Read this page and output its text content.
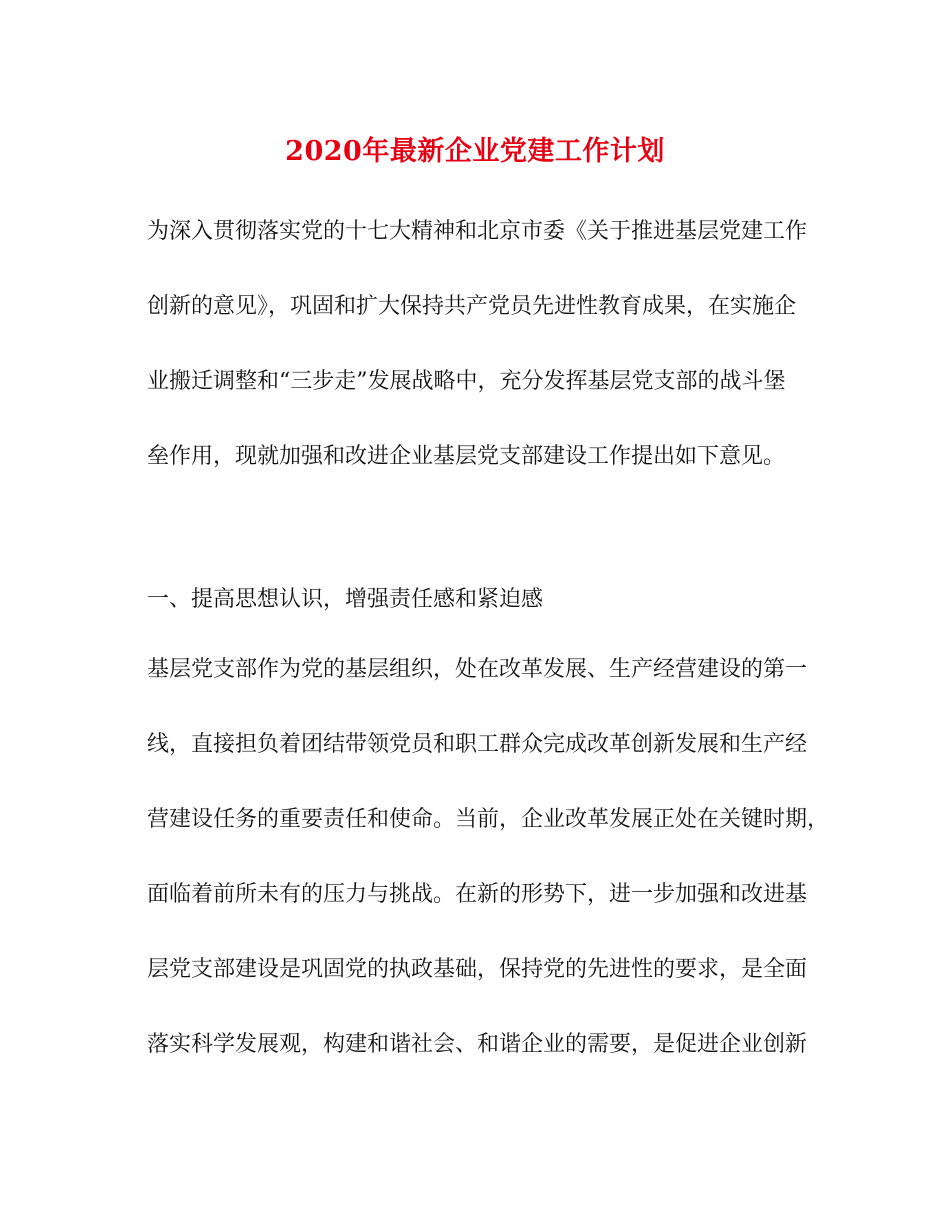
2020年最新企业党建工作计划
为深入贯彻落实党的十七大精神和北京市委《关于推进基层党建工作
创新的意见》，巩固和扩大保持共产党员先进性教育成果，在实施企
业搬迁调整和“三步走”发展战略中，充分发挥基层党支部的战斗堡
垒作用，现就加强和改进企业基层党支部建设工作提出如下意见。
一、提高思想认识，增强责任感和紧迫感
基层党支部作为党的基层组织，处在改革发展、生产经营建设的第一
线，直接担负着团结带领党员和职工群众完成改革创新发展和生产经
营建设任务的重要责任和使命。当前，企业改革发展正处在关键时期，
面临着前所未有的压力与挑战。在新的形势下，进一步加强和改进基
层党支部建设是巩固党的执政基础，保持党的先进性的要求，是全面
落实科学发展观，构建和谐社会、和谐企业的需要，是促进企业创新
